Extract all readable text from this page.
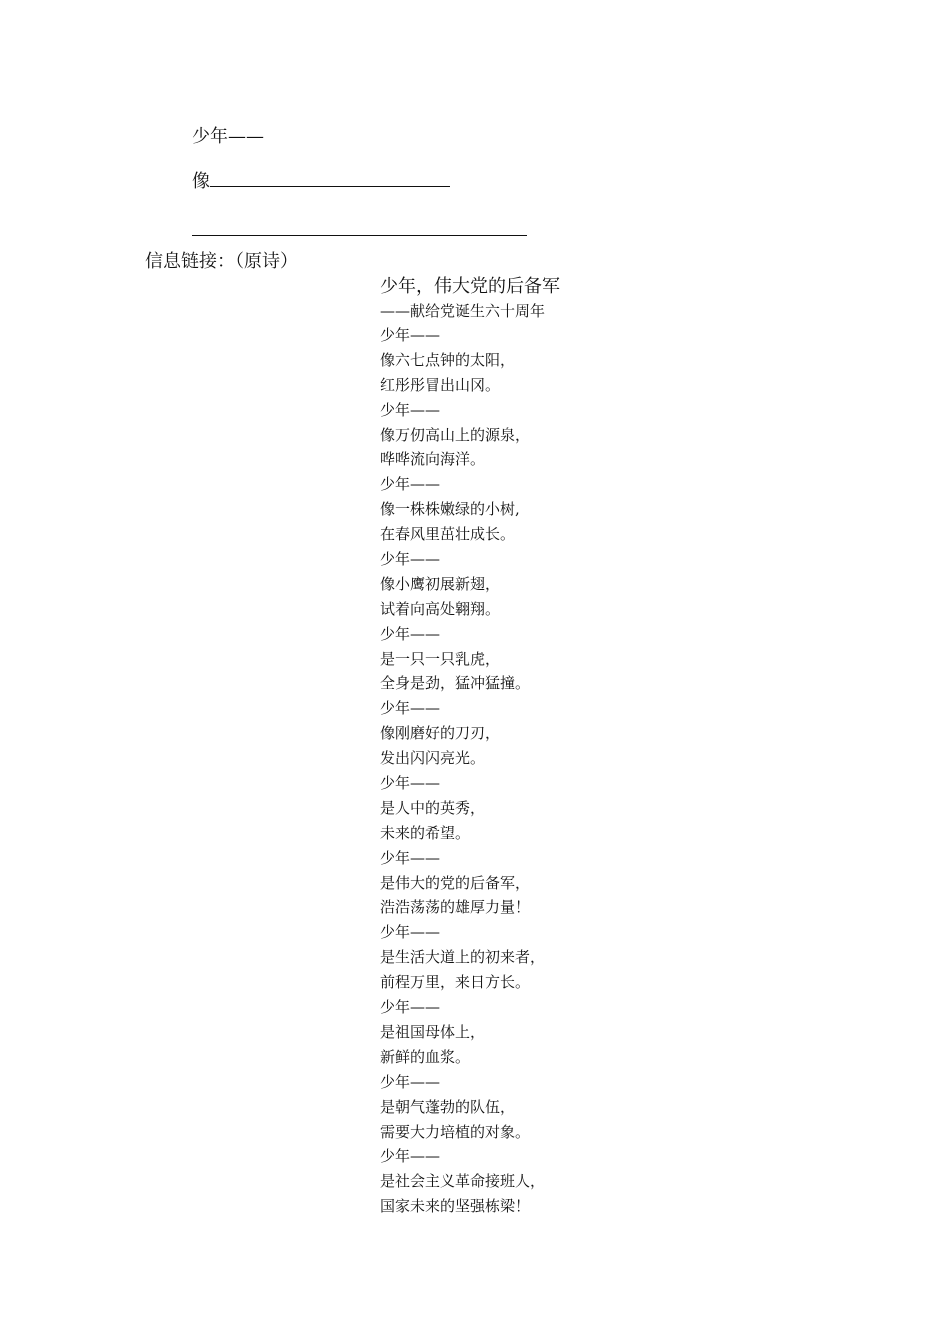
少年——
像
信息链接：（原诗）
少年，伟大党的后备军
——献给党诞生六十周年
少年——
像六七点钟的太阳，
红彤彤冒出山冈。
少年——
像万仞高山上的源泉，
哗哗流向海洋。
少年——
像一株株嫩绿的小树,
在春风里茁壮成长。
少年——
像小鹰初展新翅，
试着向高处翱翔。
少年——
是一只一只乳虎，
全身是劲，猛冲猛撞。
少年——
像刚磨好的刀刃，
发出闪闪亮光。
少年——
是人中的英秀，
未来的希望。
少年——
是伟大的党的后备军，
浩浩荡荡的雄厚力量！
少年——
是生活大道上的初来者，
前程万里，来日方长。
少年——
是祖国母体上，
新鲜的血浆。
少年——
是朝气蓬勃的队伍，
需要大力培植的对象。
少年——
是社会主义革命接班人，
国家未来的坚强栋梁！
